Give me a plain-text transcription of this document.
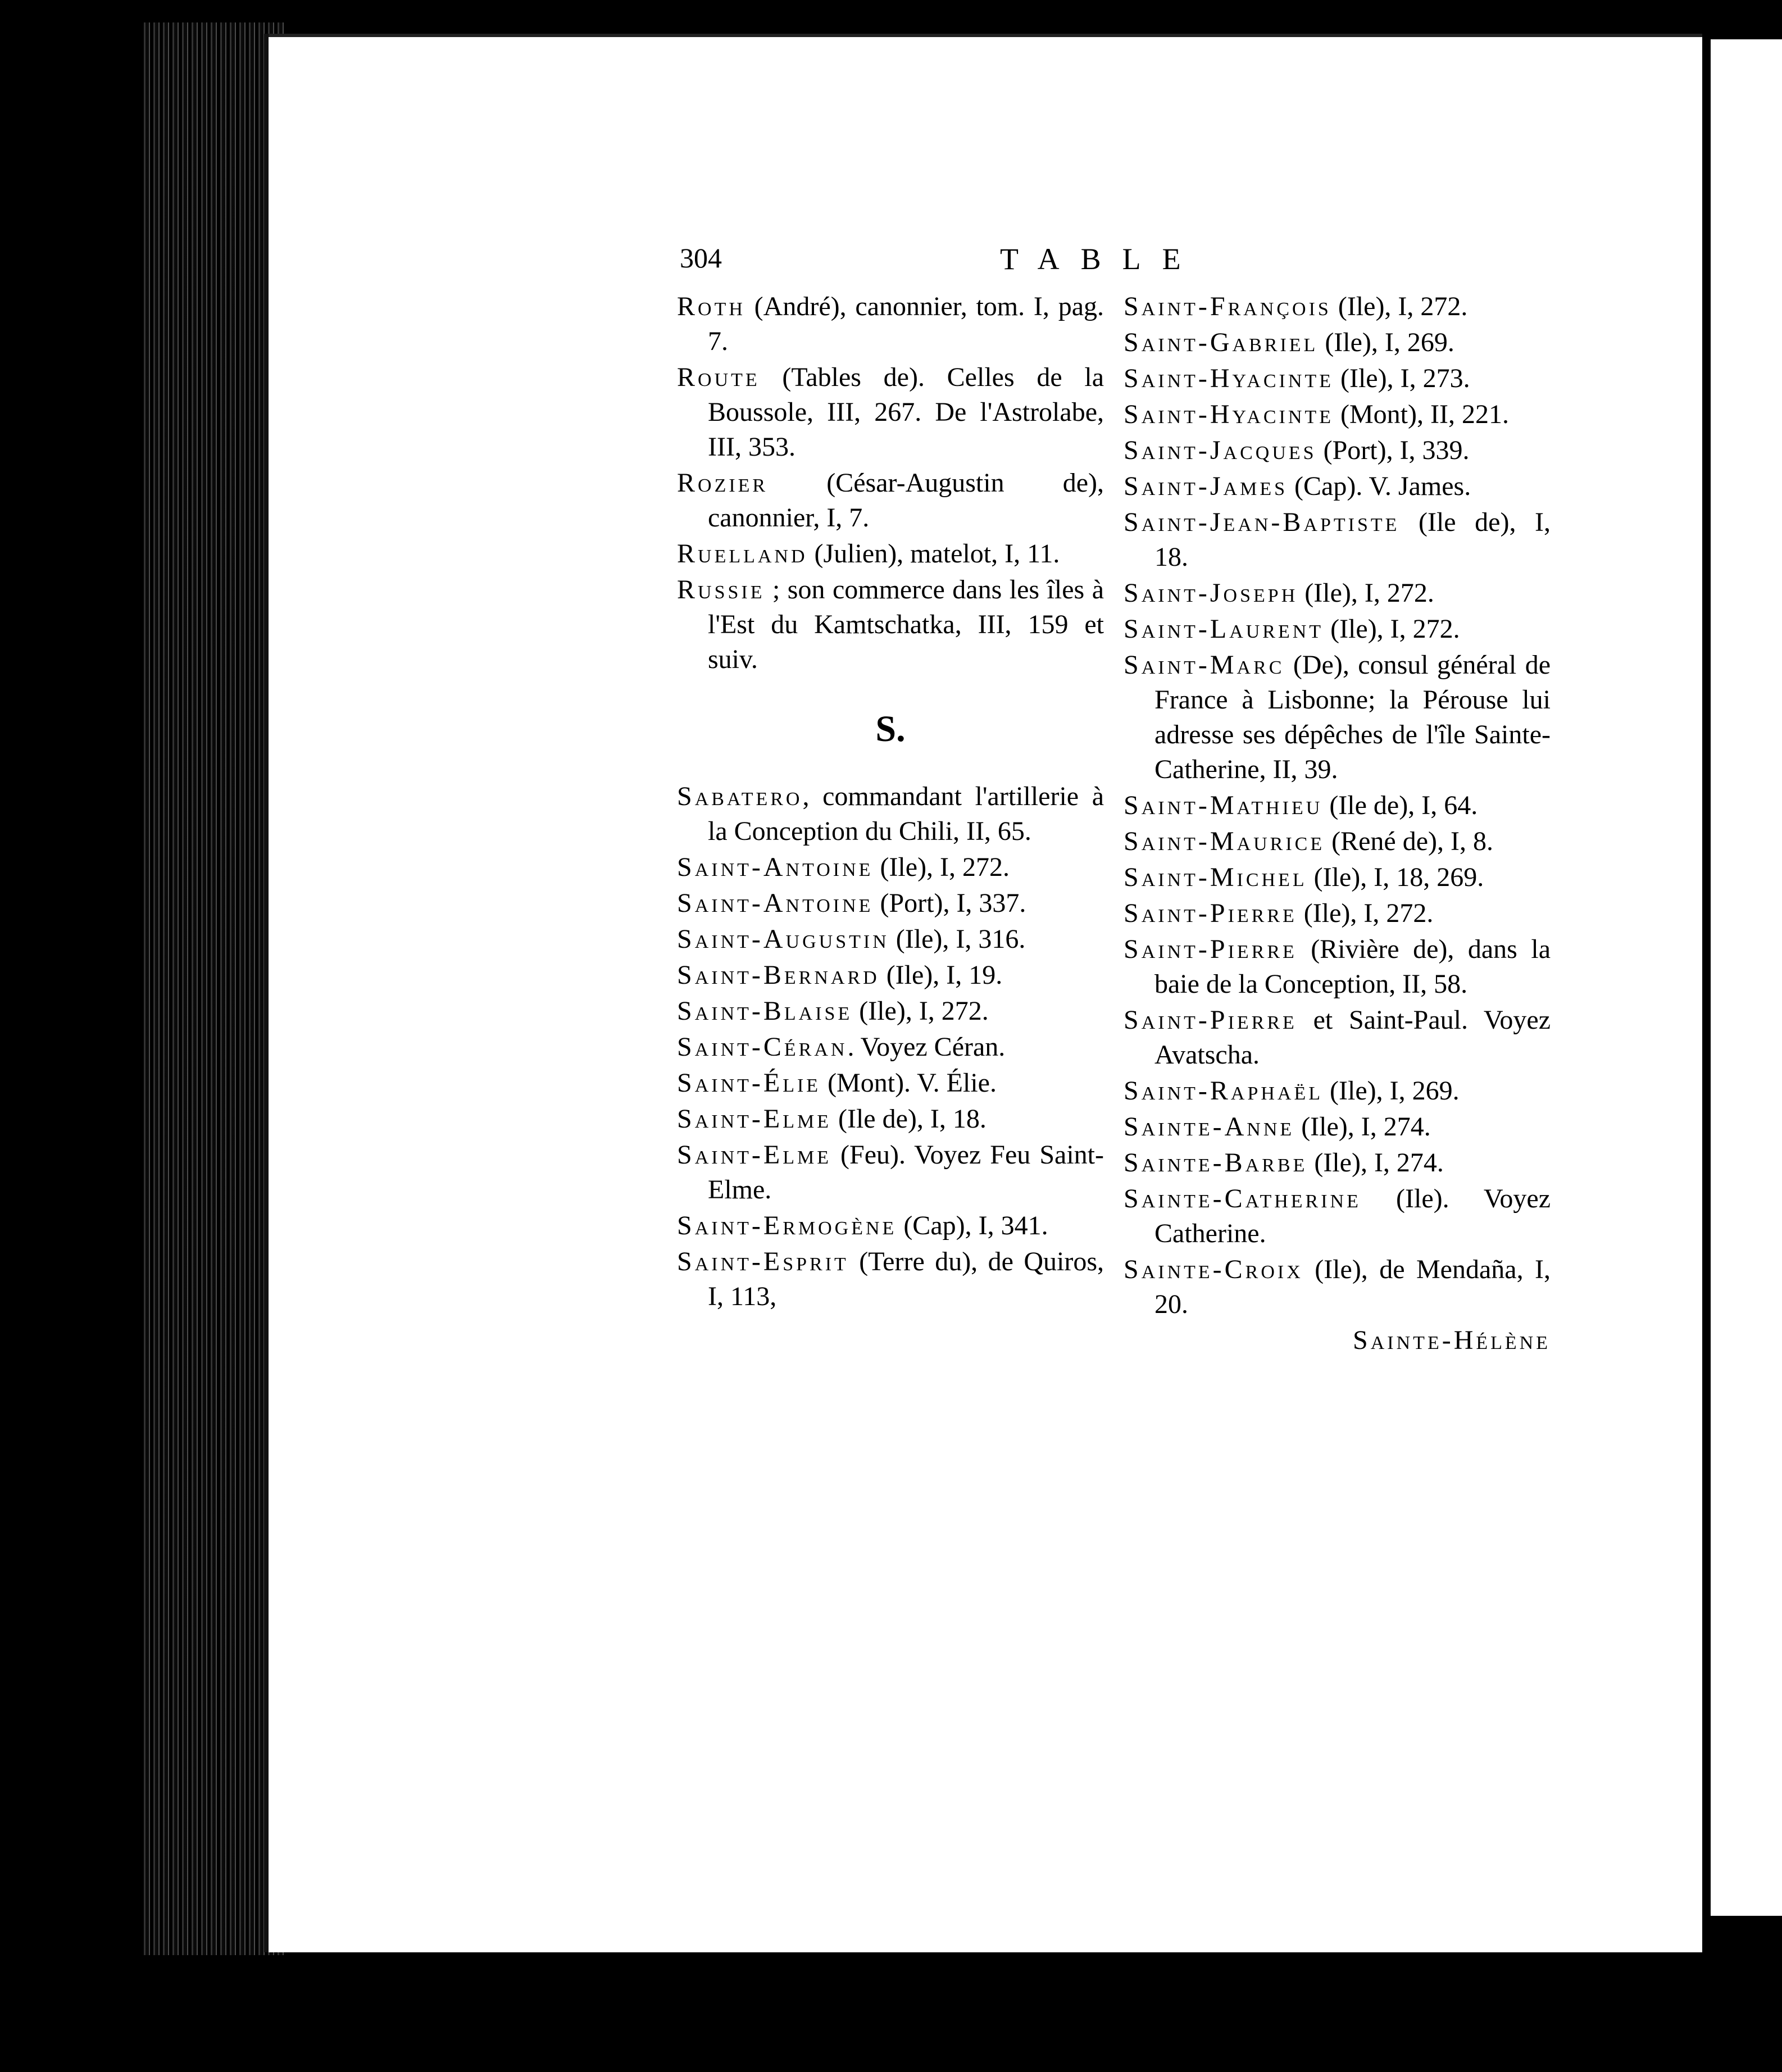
304	TABLE

Roth (André), canonnier, tom. I, pag. 7.

Route (Tables de). Celles de la Boussole, III, 267. De l'Astrolabe, III, 353.

Rozier (César-Augustin de), canonnier, I, 7.

Ruelland (Julien), matelot, I, 11.

Russie ; son commerce dans les îles à l'Est du Kamtschatka, III, 159 et suiv.

S.

Sabatero, commandant l'artillerie à la Conception du Chili, II, 65.

Saint-Antoine (Ile), I, 272.

Saint-Antoine (Port), I, 337.

Saint-Augustin (Ile), I, 316.

Saint-Bernard (Ile), I, 19.

Saint-Blaise (Ile), I, 272.

Saint-Céran. Voyez Céran.

Saint-Élie (Mont). V. Élie.

Saint-Elme (Ile de), I, 18.

Saint-Elme (Feu). Voyez Feu Saint-Elme.

Saint-Ermogène (Cap), I, 341.

Saint-Esprit (Terre du), de Quiros, I, 113,

Saint-François (Ile), I, 272.

Saint-Gabriel (Ile), I, 269.

Saint-Hyacinte (Ile), I, 273.

Saint-Hyacinte (Mont), II, 221.

Saint-Jacques (Port), I, 339.

Saint-James (Cap). V. James.

Saint-Jean-Baptiste (Ile de), I, 18.

Saint-Joseph (Ile), I, 272.

Saint-Laurent (Ile), I, 272.

Saint-Marc (De), consul général de France à Lisbonne; la Pérouse lui adresse ses dépêches de l'île Sainte-Catherine, II, 39.

Saint-Mathieu (Ile de), I, 64.

Saint-Maurice (René de), I, 8.

Saint-Michel (Ile), I, 18, 269.

Saint-Pierre (Ile), I, 272.

Saint-Pierre (Rivière de), dans la baie de la Conception, II, 58.

Saint-Pierre et Saint-Paul. Voyez Avatscha.

Saint-Raphaël (Ile), I, 269.

Sainte-Anne (Ile), I, 274.

Sainte-Barbe (Ile), I, 274.

Sainte-Catherine (Ile). Voyez Catherine.

Sainte-Croix (Ile), de Mendaña, I, 20.

Sainte-Hélène
